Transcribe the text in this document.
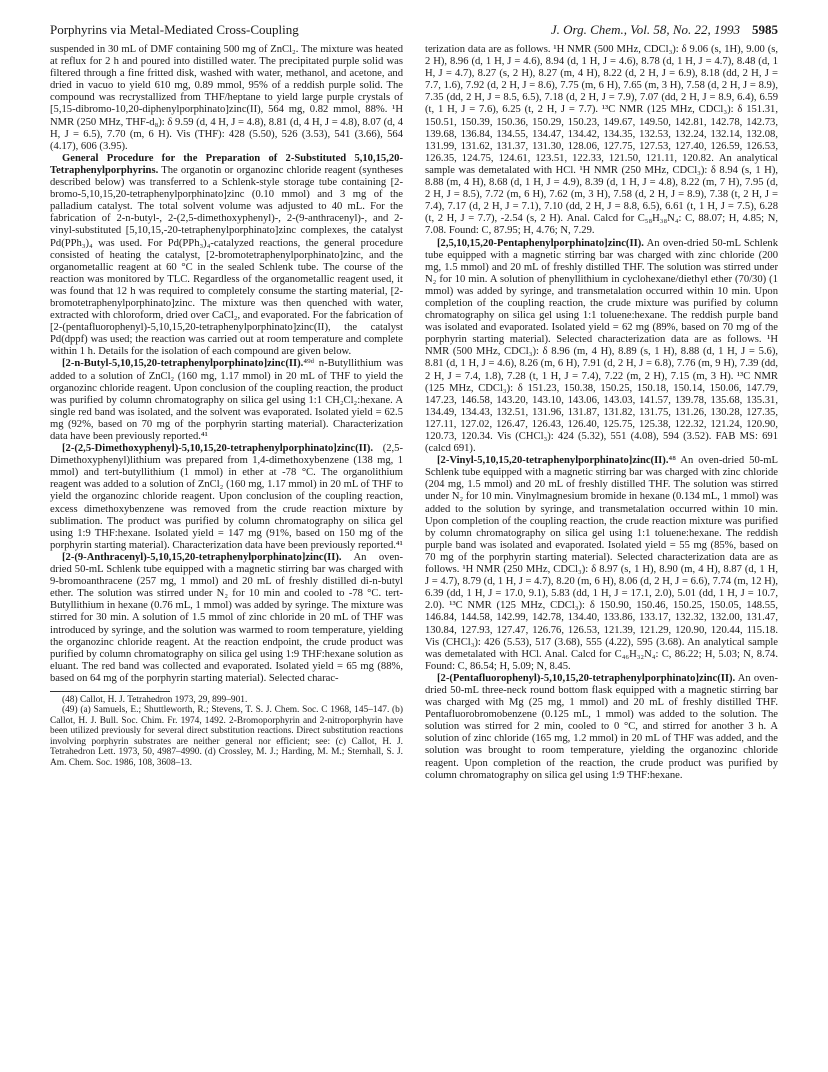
Porphyrins via Metal-Mediated Cross-Coupling	J. Org. Chem., Vol. 58, No. 22, 1993 5985

suspended in 30 mL of DMF containing 500 mg of ZnCl₂. The mixture was heated at reflux for 2 h and poured into distilled water. The precipitated purple solid was filtered through a fine fritted disk, washed with water, methanol, and acetone, and dried in vacuo to yield 610 mg, 0.89 mmol, 95% of a reddish purple solid. The compound was recrystallized from THF/heptane to yield large purple crystals of [5,15-dibromo-10,20-diphenylporphinato]zinc(II), 564 mg, 0.82 mmol, 88%. ¹H NMR (250 MHz, THF-d₈): δ 9.59 (d, 4 H, J = 4.8), 8.81 (d, 4 H, J = 4.8), 8.07 (d, 4 H, J = 6.5), 7.70 (m, 6 H). Vis (THF): 428 (5.50), 526 (3.53), 541 (3.66), 564 (4.17), 606 (3.95).

General Procedure for the Preparation of 2-Substituted 5,10,15,20-Tetraphenylporphyrins. The organotin or organozinc chloride reagent (syntheses described below) was transferred to a Schlenk-style storage tube containing [2-bromo-5,10,15,20-tetraphenylporphinato]zinc (0.10 mmol) and 3 mg of the palladium catalyst. The total solvent volume was adjusted to 40 mL. For the fabrication of 2-n-butyl-, 2-(2,5-dimethoxyphenyl)-, 2-(9-anthracenyl)-, and 2-vinyl-substituted [5,10,15,-20-tetraphenylporphinato]zinc complexes, the catalyst Pd(PPh₃)₄ was used. For Pd(PPh₃)₄-catalyzed reactions, the general procedure consisted of heating the catalyst, [2-bromotetraphenylporphinato]zinc, and the organometallic reagent at 60 °C in the sealed Schlenk tube. The course of the reaction was monitored by TLC. Regardless of the organometallic reagent used, it was found that 12 h was required to completely consume the starting material, [2-bromotetraphenylporphinato]zinc. The mixture was then quenched with water, extracted with chloroform, dried over CaCl₂, and evaporated. For the fabrication of [2-(pentafluorophenyl)-5,10,15,20-tetraphenylporphinato]zinc(II), the catalyst Pd(dppf) was used; the reaction was carried out at room temperature and complete within 1 h. Details for the isolation of each compound are given below.

[2-n-Butyl-5,10,15,20-tetraphenylporphinato]zinc(II).⁴⁹ᵈ n-Butyllithium was added to a solution of ZnCl₂ (160 mg, 1.17 mmol) in 20 mL of THF to yield the organozinc chloride reagent. Upon conclusion of the coupling reaction, the product was purified by column chromatography on silica gel using 1:1 CH₂Cl₂:hexane. A single red band was isolated, and the solvent was evaporated. Isolated yield = 62.5 mg (92%, based on 70 mg of the porphyrin starting material). Characterization data have been previously reported.⁴¹

[2-(2,5-Dimethoxyphenyl)-5,10,15,20-tetraphenylporphinato]zinc(II). (2,5-Dimethoxyphenyl)lithium was prepared from 1,4-dimethoxybenzene (138 mg, 1 mmol) and tert-butyllithium (1 mmol) in ether at -78 °C. The organolithium reagent was added to a solution of ZnCl₂ (160 mg, 1.17 mmol) in 20 mL of THF to yield the organozinc chloride reagent. Upon conclusion of the coupling reaction, excess dimethoxybenzene was removed from the crude reaction mixture by sublimation. The product was purified by column chromatography on silica gel using 1:9 THF:hexane. Isolated yield = 147 mg (91%, based on 150 mg of the porphyrin starting material). Characterization data have been previously reported.⁴¹

[2-(9-Anthracenyl)-5,10,15,20-tetraphenylporphinato]zinc(II). An oven-dried 50-mL Schlenk tube equipped with a magnetic stirring bar was charged with 9-bromoanthracene (257 mg, 1 mmol) and 20 mL of freshly distilled di-n-butyl ether. The solution was stirred under N₂ for 10 min and cooled to -78 °C. tert-Butyllithium in hexane (0.76 mL, 1 mmol) was added by syringe. The mixture was stirred for 30 min. A solution of 1.5 mmol of zinc chloride in 20 mL of THF was introduced by syringe, and the solution was warmed to room temperature, yielding the organozinc chloride reagent. At the reaction endpoint, the crude product was purified by column chromatography on silica gel using 1:9 THF:hexane solution as eluant. The red band was collected and evaporated. Isolated yield = 65 mg (88%, based on 64 mg of the porphyrin starting material). Selected charac-

(48) Callot, H. J. Tetrahedron 1973, 29, 899–901.

(49) (a) Samuels, E.; Shuttleworth, R.; Stevens, T. S. J. Chem. Soc. C 1968, 145–147. (b) Callot, H. J. Bull. Soc. Chim. Fr. 1974, 1492. 2-Bromoporphyrin and 2-nitroporphyrin have been utilized previously for several direct substitution reactions. Direct substitution reactions involving porphyrin substrates are neither general nor efficient; see: (c) Callot, H. J. Tetrahedron Lett. 1973, 50, 4987–4990. (d) Crossley, M. J.; Harding, M. M.; Sternhall, S. J. Am. Chem. Soc. 1986, 108, 3608–13.

terization data are as follows. ¹H NMR (500 MHz, CDCl₃): δ 9.06 (s, 1H), 9.00 (s, 2 H), 8.96 (d, 1 H, J = 4.6), 8.94 (d, 1 H, J = 4.6), 8.78 (d, 1 H, J = 4.7), 8.48 (d, 1 H, J = 4.7), 8.27 (s, 2 H), 8.27 (m, 4 H), 8.22 (d, 2 H, J = 6.9), 8.18 (dd, 2 H, J = 7.7, 1.6), 7.92 (d, 2 H, J = 8.6), 7.75 (m, 6 H), 7.65 (m, 3 H), 7.58 (d, 2 H, J = 8.9), 7.35 (dd, 2 H, J = 8.5, 6.5), 7.18 (d, 2 H, J = 7.9), 7.07 (dd, 2 H, J = 8.9, 6.4), 6.59 (t, 1 H, J = 7.6), 6.25 (t, 2 H, J = 7.7). ¹³C NMR (125 MHz, CDCl₃): δ 151.31, 150.51, 150.39, 150.36, 150.29, 150.23, 149.67, 149.50, 142.81, 142.78, 142.73, 139.68, 136.84, 134.55, 134.47, 134.42, 134.35, 132.53, 132.24, 132.14, 132.08, 131.99, 131.62, 131.37, 131.30, 128.06, 127.75, 127.53, 127.40, 126.59, 126.53, 126.35, 124.75, 124.61, 123.51, 122.33, 121.50, 121.11, 120.82. An analytical sample was demetalated with HCl. ¹H NMR (250 MHz, CDCl₃): δ 8.94 (s, 1 H), 8.88 (m, 4 H), 8.68 (d, 1 H, J = 4.9), 8.39 (d, 1 H, J = 4.8), 8.22 (m, 7 H), 7.95 (d, 2 H, J = 8.5), 7.72 (m, 6 H), 7.62 (m, 3 H), 7.58 (d, 2 H, J = 8.9), 7.38 (t, 2 H, J = 7.4), 7.17 (d, 2 H, J = 7.1), 7.10 (dd, 2 H, J = 8.8, 6.5), 6.61 (t, 1 H, J = 7.5), 6.28 (t, 2 H, J = 7.7), -2.54 (s, 2 H). Anal. Calcd for C₅₈H₃₈N₄: C, 88.07; H, 4.85; N, 7.08. Found: C, 87.95; H, 4.76; N, 7.29.

[2,5,10,15,20-Pentaphenylporphinato]zinc(II). An oven-dried 50-mL Schlenk tube equipped with a magnetic stirring bar was charged with zinc chloride (200 mg, 1.5 mmol) and 20 mL of freshly distilled THF. The solution was stirred under N₂ for 10 min. A solution of phenyllithium in cyclohexane/diethyl ether (70/30) (1 mmol) was added by syringe, and transmetalation occurred within 10 min. Upon completion of the coupling reaction, the crude mixture was purified by column chromatography on silica gel using 1:1 toluene:hexane. The reddish purple band was isolated and evaporated. Isolated yield = 62 mg (89%, based on 70 mg of the porphyrin starting material). Selected characterization data are as follows. ¹H NMR (500 MHz, CDCl₃): δ 8.96 (m, 4 H), 8.89 (s, 1 H), 8.88 (d, 1 H, J = 5.6), 8.81 (d, 1 H, J = 4.6), 8.26 (m, 6 H), 7.91 (d, 2 H, J = 6.8), 7.76 (m, 9 H), 7.39 (dd, 2 H, J = 7.4, 1.8), 7.28 (t, 1 H, J = 7.4), 7.22 (m, 2 H), 7.15 (m, 3 H). ¹³C NMR (125 MHz, CDCl₃): δ 151.23, 150.38, 150.25, 150.18, 150.14, 150.06, 147.79, 147.23, 146.58, 143.20, 143.10, 143.06, 143.03, 141.57, 139.78, 135.68, 135.31, 134.49, 134.43, 132.51, 131.96, 131.87, 131.82, 131.75, 131.26, 130.28, 127.35, 127.11, 127.02, 126.47, 126.43, 126.40, 125.75, 125.38, 122.32, 121.24, 120.90, 120.73, 120.34. Vis (CHCl₃): 424 (5.32), 551 (4.08), 594 (3.52). FAB MS: 691 (calcd 691).

[2-Vinyl-5,10,15,20-tetraphenylporphinato]zinc(II).⁴⁸ An oven-dried 50-mL Schlenk tube equipped with a magnetic stirring bar was charged with zinc chloride (204 mg, 1.5 mmol) and 20 mL of freshly distilled THF. The solution was stirred under N₂ for 10 min. Vinylmagnesium bromide in hexane (0.134 mL, 1 mmol) was added to the solution by syringe, and transmetalation occurred within 10 min. Upon completion of the coupling reaction, the crude reaction mixture was purified by column chromatography on silica gel using 1:1 toluene:hexane. The reddish purple band was isolated and evaporated. Isolated yield = 55 mg (85%, based on 70 mg of the porphyrin starting material). Selected characterization data are as follows. ¹H NMR (250 MHz, CDCl₃): δ 8.97 (s, 1 H), 8.90 (m, 4 H), 8.87 (d, 1 H, J = 4.7), 8.79 (d, 1 H, J = 4.7), 8.20 (m, 6 H), 8.06 (d, 2 H, J = 6.6), 7.74 (m, 12 H), 6.39 (dd, 1 H, J = 17.0, 9.1), 5.83 (dd, 1 H, J = 17.1, 2.0), 5.01 (dd, 1 H, J = 10.7, 2.0). ¹³C NMR (125 MHz, CDCl₃): δ 150.90, 150.46, 150.25, 150.05, 148.55, 146.84, 144.58, 142.99, 142.78, 134.40, 133.86, 133.17, 132.32, 132.00, 131.47, 130.84, 127.93, 127.47, 126.76, 126.53, 121.39, 121.29, 120.90, 120.44, 115.18. Vis (CHCl₃): 426 (5.53), 517 (3.68), 555 (4.22), 595 (3.68). An analytical sample was demetalated with HCl. Anal. Calcd for C₄₆H₃₂N₄: C, 86.22; H, 5.03; N, 8.74. Found: C, 86.54; H, 5.09; N, 8.45.

[2-(Pentafluorophenyl)-5,10,15,20-tetraphenylporphinato]zinc(II). An oven-dried 50-mL three-neck round bottom flask equipped with a magnetic stirring bar was charged with Mg (25 mg, 1 mmol) and 20 mL of freshly distilled THF. Pentafluorobromobenzene (0.125 mL, 1 mmol) was added to the solution. The solution was stirred for 2 min, cooled to 0 °C, and stirred for another 3 h. A solution of zinc chloride (165 mg, 1.2 mmol) in 20 mL of THF was added, and the solution was brought to room temperature, yielding the organozinc chloride reagent. Upon completion of the reaction, the crude product was purified by column chromatography on silica gel using 1:9 THF:hexane.
